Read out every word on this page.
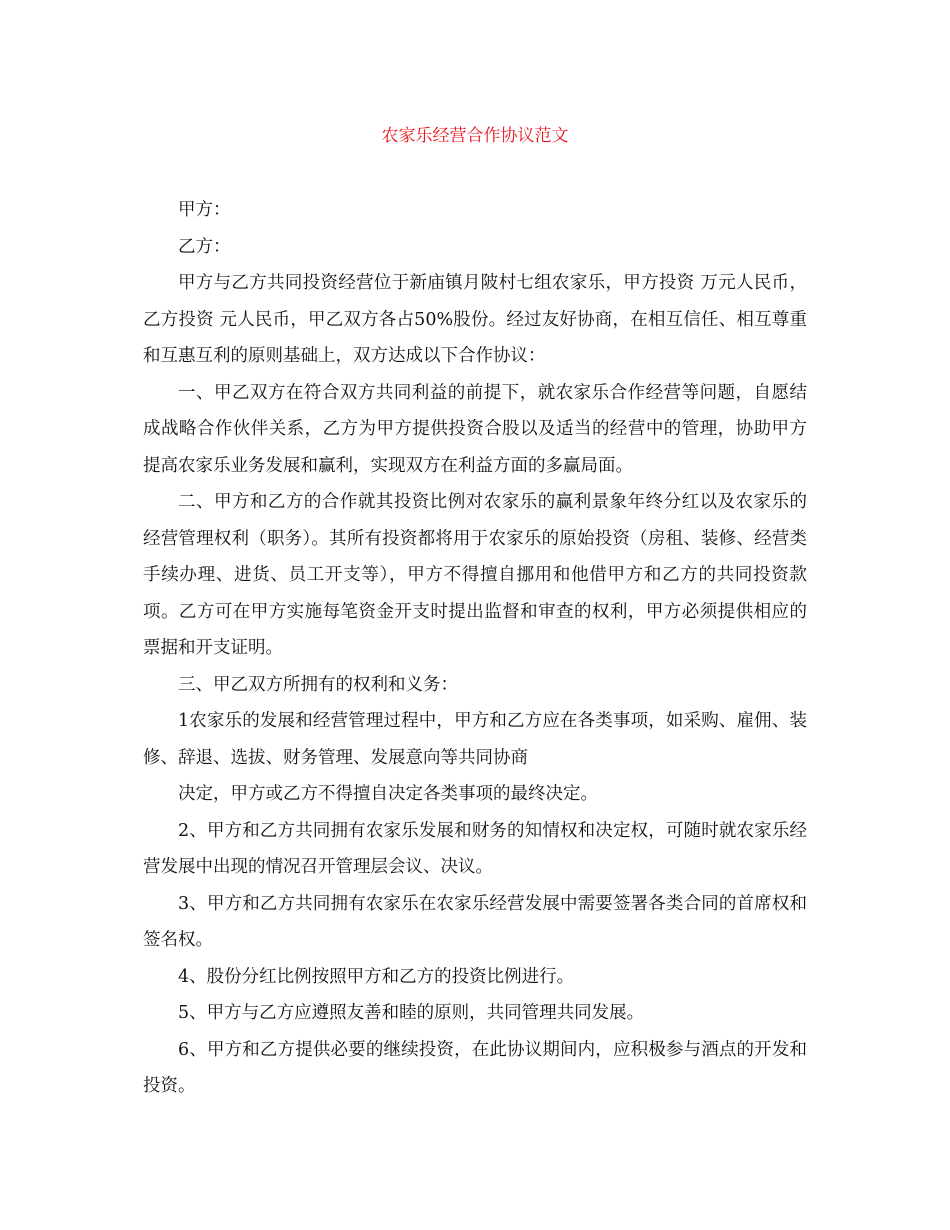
农家乐经营合作协议范文

甲方：

乙方：

甲方与乙方共同投资经营位于新庙镇月陂村七组农家乐，甲方投资 万元人民币，乙方投资 元人民币，甲乙双方各占50%股份。经过友好协商，在相互信任、相互尊重和互惠互利的原则基础上，双方达成以下合作协议：

一、甲乙双方在符合双方共同利益的前提下，就农家乐合作经营等问题，自愿结成战略合作伙伴关系，乙方为甲方提供投资合股以及适当的经营中的管理，协助甲方提高农家乐业务发展和赢利，实现双方在利益方面的多赢局面。

二、甲方和乙方的合作就其投资比例对农家乐的赢利景象年终分红以及农家乐的经营管理权利（职务）。其所有投资都将用于农家乐的原始投资（房租、装修、经营类手续办理、进货、员工开支等），甲方不得擅自挪用和他借甲方和乙方的共同投资款项。乙方可在甲方实施每笔资金开支时提出监督和审查的权利，甲方必须提供相应的票据和开支证明。

三、甲乙双方所拥有的权利和义务：

1农家乐的发展和经营管理过程中，甲方和乙方应在各类事项，如采购、雇佣、装修、辞退、选拔、财务管理、发展意向等共同协商

决定，甲方或乙方不得擅自决定各类事项的最终决定。

2、甲方和乙方共同拥有农家乐发展和财务的知情权和决定权，可随时就农家乐经营发展中出现的情况召开管理层会议、决议。

3、甲方和乙方共同拥有农家乐在农家乐经营发展中需要签署各类合同的首席权和签名权。

4、股份分红比例按照甲方和乙方的投资比例进行。

5、甲方与乙方应遵照友善和睦的原则，共同管理共同发展。

6、甲方和乙方提供必要的继续投资，在此协议期间内，应积极参与酒点的开发和投资。
